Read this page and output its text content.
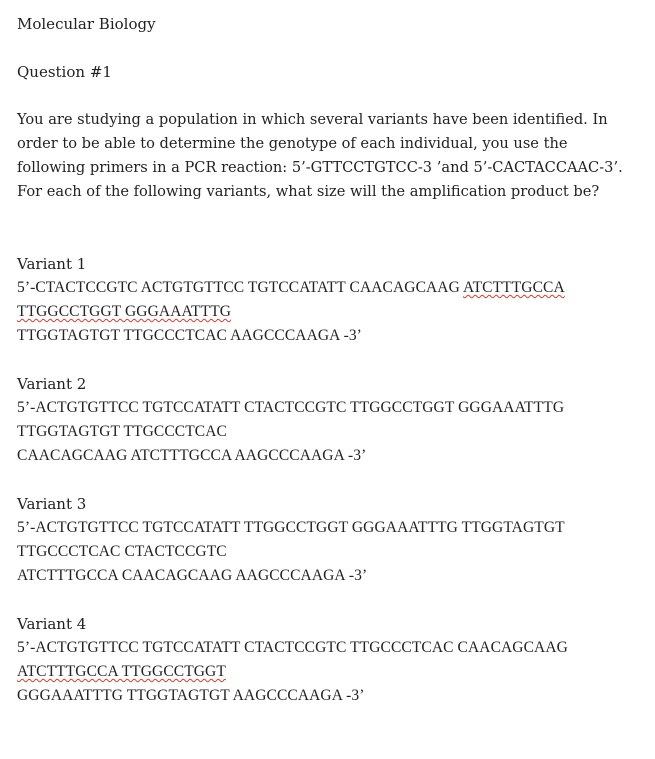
Molecular Biology
Question #1
You are studying a population in which several variants have been identified. In order to be able to determine the genotype of each individual, you use the following primers in a PCR reaction: 5’-GTTCCTGTCC-3 ’and 5’-CACTACCAAC-3’. For each of the following variants, what size will the amplification product be?
Variant 1
5’-CTACTCCGTC ACTGTGTTCC TGTCCATATT CAACAGCAAG ATCTTTGCCA
TTGGCCTGGT GGGAAATTTG
TTGGTAGTGT TTGCCCTCAC AAGCCCAAGA -3’
Variant 2
5’-ACTGTGTTCC TGTCCATATT CTACTCCGTC TTGGCCTGGT GGGAAATTTG
TTGGTAGTGT TTGCCCTCAC
CAACAGCAAG ATCTTTGCCA AAGCCCAAGA -3’
Variant 3
5’-ACTGTGTTCC TGTCCATATT TTGGCCTGGT GGGAAATTTG TTGGTAGTGT
TTGCCCTCAC CTACTCCGTC
ATCTTTGCCA CAACAGCAAG AAGCCCAAGA -3’
Variant 4
5’-ACTGTGTTCC TGTCCATATT CTACTCCGTC TTGCCCTCAC CAACAGCAAG
ATCTTTGCCA TTGGCCTGGT
GGGAAATTTG TTGGTAGTGT AAGCCCAAGA -3’
